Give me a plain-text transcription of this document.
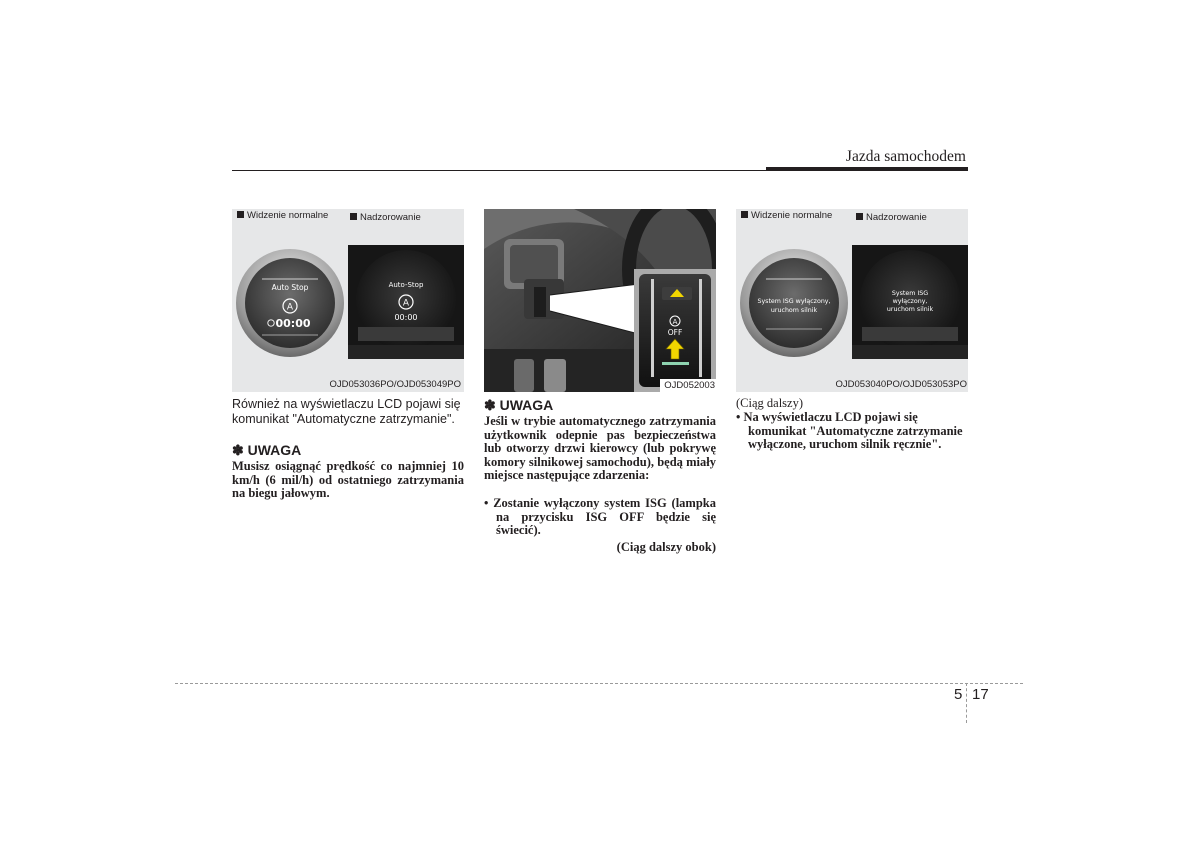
Jazda samochodem
Widzenie normalne	Nadzorowanie
Auto Stop
A
00:00
Auto-Stop
A
00:00
OJD053036PO/OJD053049PO
Również na wyświetlaczu LCD pojawi się
komunikat "Automatyczne zatrzymanie".
✽ UWAGA
Musisz osiągnąć prędkość co najmniej 10 km/h (6 mil/h) od ostatniego zatrzymania na biegu jałowym.
A
OFF
OJD052003
✽ UWAGA
Jeśli w trybie automatycznego zatrzymania użytkownik odepnie pas bezpieczeństwa lub otworzy drzwi kierowcy (lub pokrywę komory silnikowej samochodu), będą miały miejsce następujące zdarzenia:
• Zostanie wyłączony system ISG (lampka na przycisku ISG OFF będzie się świecić).
(Ciąg dalszy obok)
Widzenie normalne	Nadzorowanie
System ISG wyłączony,
uruchom silnik
System ISG
wyłączony,
uruchom silnik
OJD053040PO/OJD053053PO
(Ciąg dalszy)
• Na wyświetlaczu LCD pojawi się komunikat "Automatyczne zatrzymanie wyłączone, uruchom silnik ręcznie".
5 17
